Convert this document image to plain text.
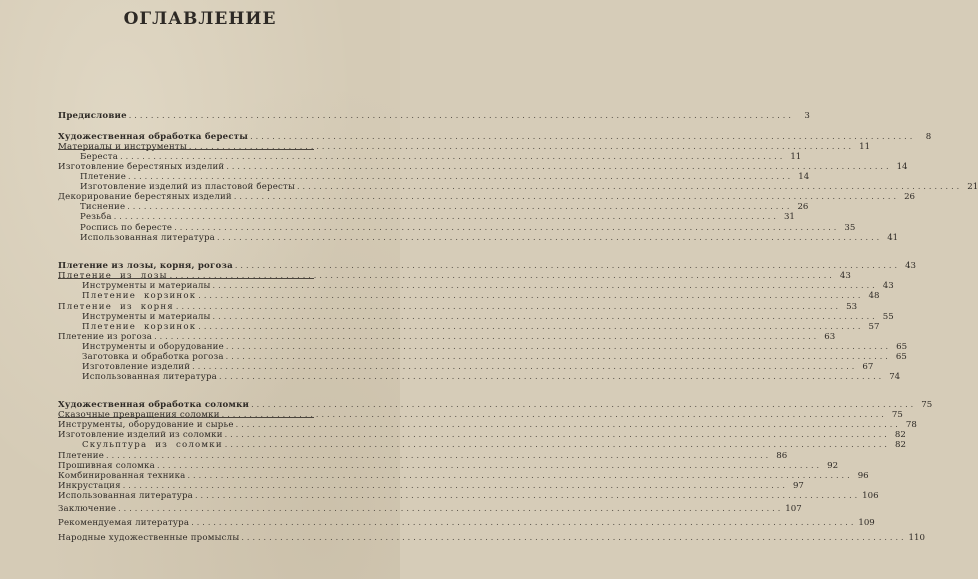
ОГЛАВЛЕНИЕ
Предисловие ........................................................................................................................	3
Художественная обработка бересты ........................................................................................................................	8
Материалы и инструменты ........................................................................................................................ 11
Береста ........................................................................................................................ 11
Изготовление берестяных изделий ........................................................................................................................ 14
Плетение ........................................................................................................................ 14
Изготовление изделий из пластовой бересты ........................................................................................................................ 21
Декорирование берестяных изделий ........................................................................................................................ 26
Тиснение ........................................................................................................................ 26
Резьба ........................................................................................................................ 31
Роспись по бересте ........................................................................................................................ 35
Использованная литература ........................................................................................................................ 41
Плетение из лозы, корня, рогоза ........................................................................................................................ 43
Плетение из лозы ........................................................................................................................ 43
Инструменты и материалы ........................................................................................................................ 43
Плетение корзинок ........................................................................................................................ 48
Плетение из корня ........................................................................................................................ 53
Инструменты и материалы ........................................................................................................................ 55
Плетение корзинок ........................................................................................................................ 57
Плетение из рогоза ........................................................................................................................ 63
Инструменты и оборудование ........................................................................................................................ 65
Заготовка и обработка рогоза ........................................................................................................................ 65
Изготовление изделий ........................................................................................................................ 67
Использованная литература ........................................................................................................................ 74
Художественная обработка соломки ........................................................................................................................ 75
Сказочные превращения соломки ........................................................................................................................ 75
Инструменты, оборудование и сырье ........................................................................................................................ 78
Изготовление изделий из соломки ........................................................................................................................ 82
Скульптура из соломки ........................................................................................................................ 82
Плетение ........................................................................................................................ 86
Прошивная соломка ........................................................................................................................ 92
Комбинированная техника ........................................................................................................................ 96
Инкрустация ........................................................................................................................ 97
Использованная литература ........................................................................................................................ 106
Заключение ........................................................................................................................ 107
Рекомендуемая литература ........................................................................................................................ 109
Народные художественные промыслы ........................................................................................................................ 110
